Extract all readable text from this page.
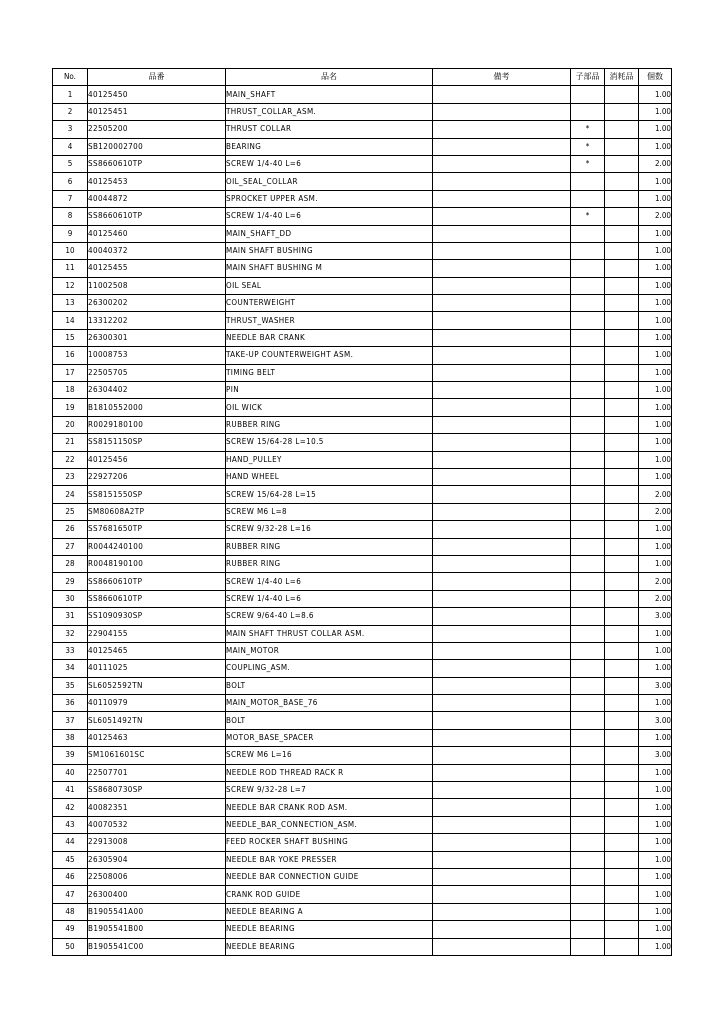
No.	品番	品名	備考	子部品	消耗品	個数
1	40125450	MAIN_SHAFT				1.00
2	40125451	THRUST_COLLAR_ASM.				1.00
3	22505200	THRUST COLLAR		*		1.00
4	SB120002700	BEARING		*		1.00
5	SS8660610TP	SCREW 1/4-40 L=6		*		2.00
6	40125453	OIL_SEAL_COLLAR				1.00
7	40044872	SPROCKET UPPER ASM.				1.00
8	SS8660610TP	SCREW 1/4-40 L=6		*		2.00
9	40125460	MAIN_SHAFT_DD				1.00
10	40040372	MAIN SHAFT BUSHING				1.00
11	40125455	MAIN SHAFT BUSHING M				1.00
12	11002508	OIL SEAL				1.00
13	26300202	COUNTERWEIGHT				1.00
14	13312202	THRUST_WASHER				1.00
15	26300301	NEEDLE BAR CRANK				1.00
16	10008753	TAKE-UP COUNTERWEIGHT ASM.				1.00
17	22505705	TIMING BELT				1.00
18	26304402	PIN				1.00
19	B1810552000	OIL WICK				1.00
20	R0029180100	RUBBER RING				1.00
21	SS8151150SP	SCREW 15/64-28 L=10.5				1.00
22	40125456	HAND_PULLEY				1.00
23	22927206	HAND WHEEL				1.00
24	SS8151550SP	SCREW 15/64-28 L=15				2.00
25	SM80608A2TP	SCREW M6 L=8				2.00
26	SS7681650TP	SCREW 9/32-28 L=16				1.00
27	R0044240100	RUBBER RING				1.00
28	R0048190100	RUBBER RING				1.00
29	SS8660610TP	SCREW 1/4-40 L=6				2.00
30	SS8660610TP	SCREW 1/4-40 L=6				2.00
31	SS1090930SP	SCREW 9/64-40 L=8.6				3.00
32	22904155	MAIN SHAFT THRUST COLLAR ASM.				1.00
33	40125465	MAIN_MOTOR				1.00
34	40111025	COUPLING_ASM.				1.00
35	SL6052592TN	BOLT				3.00
36	40110979	MAIN_MOTOR_BASE_76				1.00
37	SL6051492TN	BOLT				3.00
38	40125463	MOTOR_BASE_SPACER				1.00
39	SM1061601SC	SCREW M6 L=16				3.00
40	22507701	NEEDLE ROD THREAD RACK R				1.00
41	SS8680730SP	SCREW 9/32-28 L=7				1.00
42	40082351	NEEDLE BAR CRANK ROD ASM.				1.00
43	40070532	NEEDLE_BAR_CONNECTION_ASM.				1.00
44	22913008	FEED ROCKER SHAFT BUSHING				1.00
45	26305904	NEEDLE BAR YOKE PRESSER				1.00
46	22508006	NEEDLE BAR CONNECTION GUIDE				1.00
47	26300400	CRANK ROD GUIDE				1.00
48	B1905541A00	NEEDLE BEARING A				1.00
49	B1905541B00	NEEDLE BEARING				1.00
50	B1905541C00	NEEDLE BEARING				1.00
